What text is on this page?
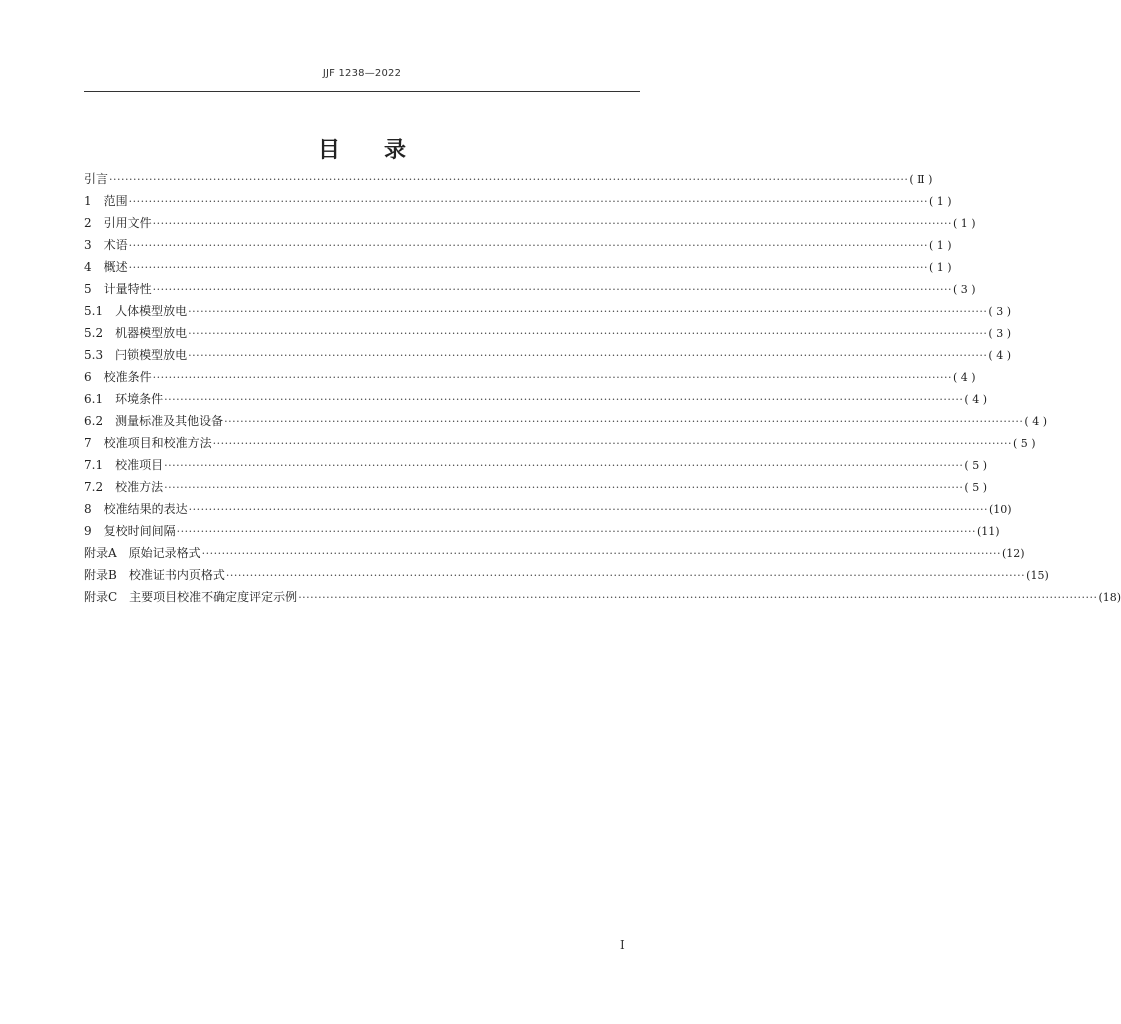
JJF 1238—2022
目录
引言 ········································································································································································································ ( Ⅱ )
1　范围 ········································································································································································································ ( 1 )
2　引用文件 ········································································································································································································ ( 1 )
3　术语 ········································································································································································································ ( 1 )
4　概述 ········································································································································································································ ( 1 )
5　计量特性 ········································································································································································································ ( 3 )
5.1　人体模型放电 ········································································································································································································ ( 3 )
5.2　机器模型放电 ········································································································································································································ ( 3 )
5.3　闩锁模型放电 ········································································································································································································ ( 4 )
6　校准条件 ········································································································································································································ ( 4 )
6.1　环境条件 ········································································································································································································ ( 4 )
6.2　测量标准及其他设备 ········································································································································································································ ( 4 )
7　校准项目和校准方法 ········································································································································································································ ( 5 )
7.1　校准项目 ········································································································································································································ ( 5 )
7.2　校准方法 ········································································································································································································ ( 5 )
8　校准结果的表达 ········································································································································································································ (10)
9　复校时间间隔 ········································································································································································································ (11)
附录A　原始记录格式 ········································································································································································································ (12)
附录B　校准证书内页格式 ········································································································································································································ (15)
附录C　主要项目校准不确定度评定示例 ········································································································································································································ (18)
Ⅰ
